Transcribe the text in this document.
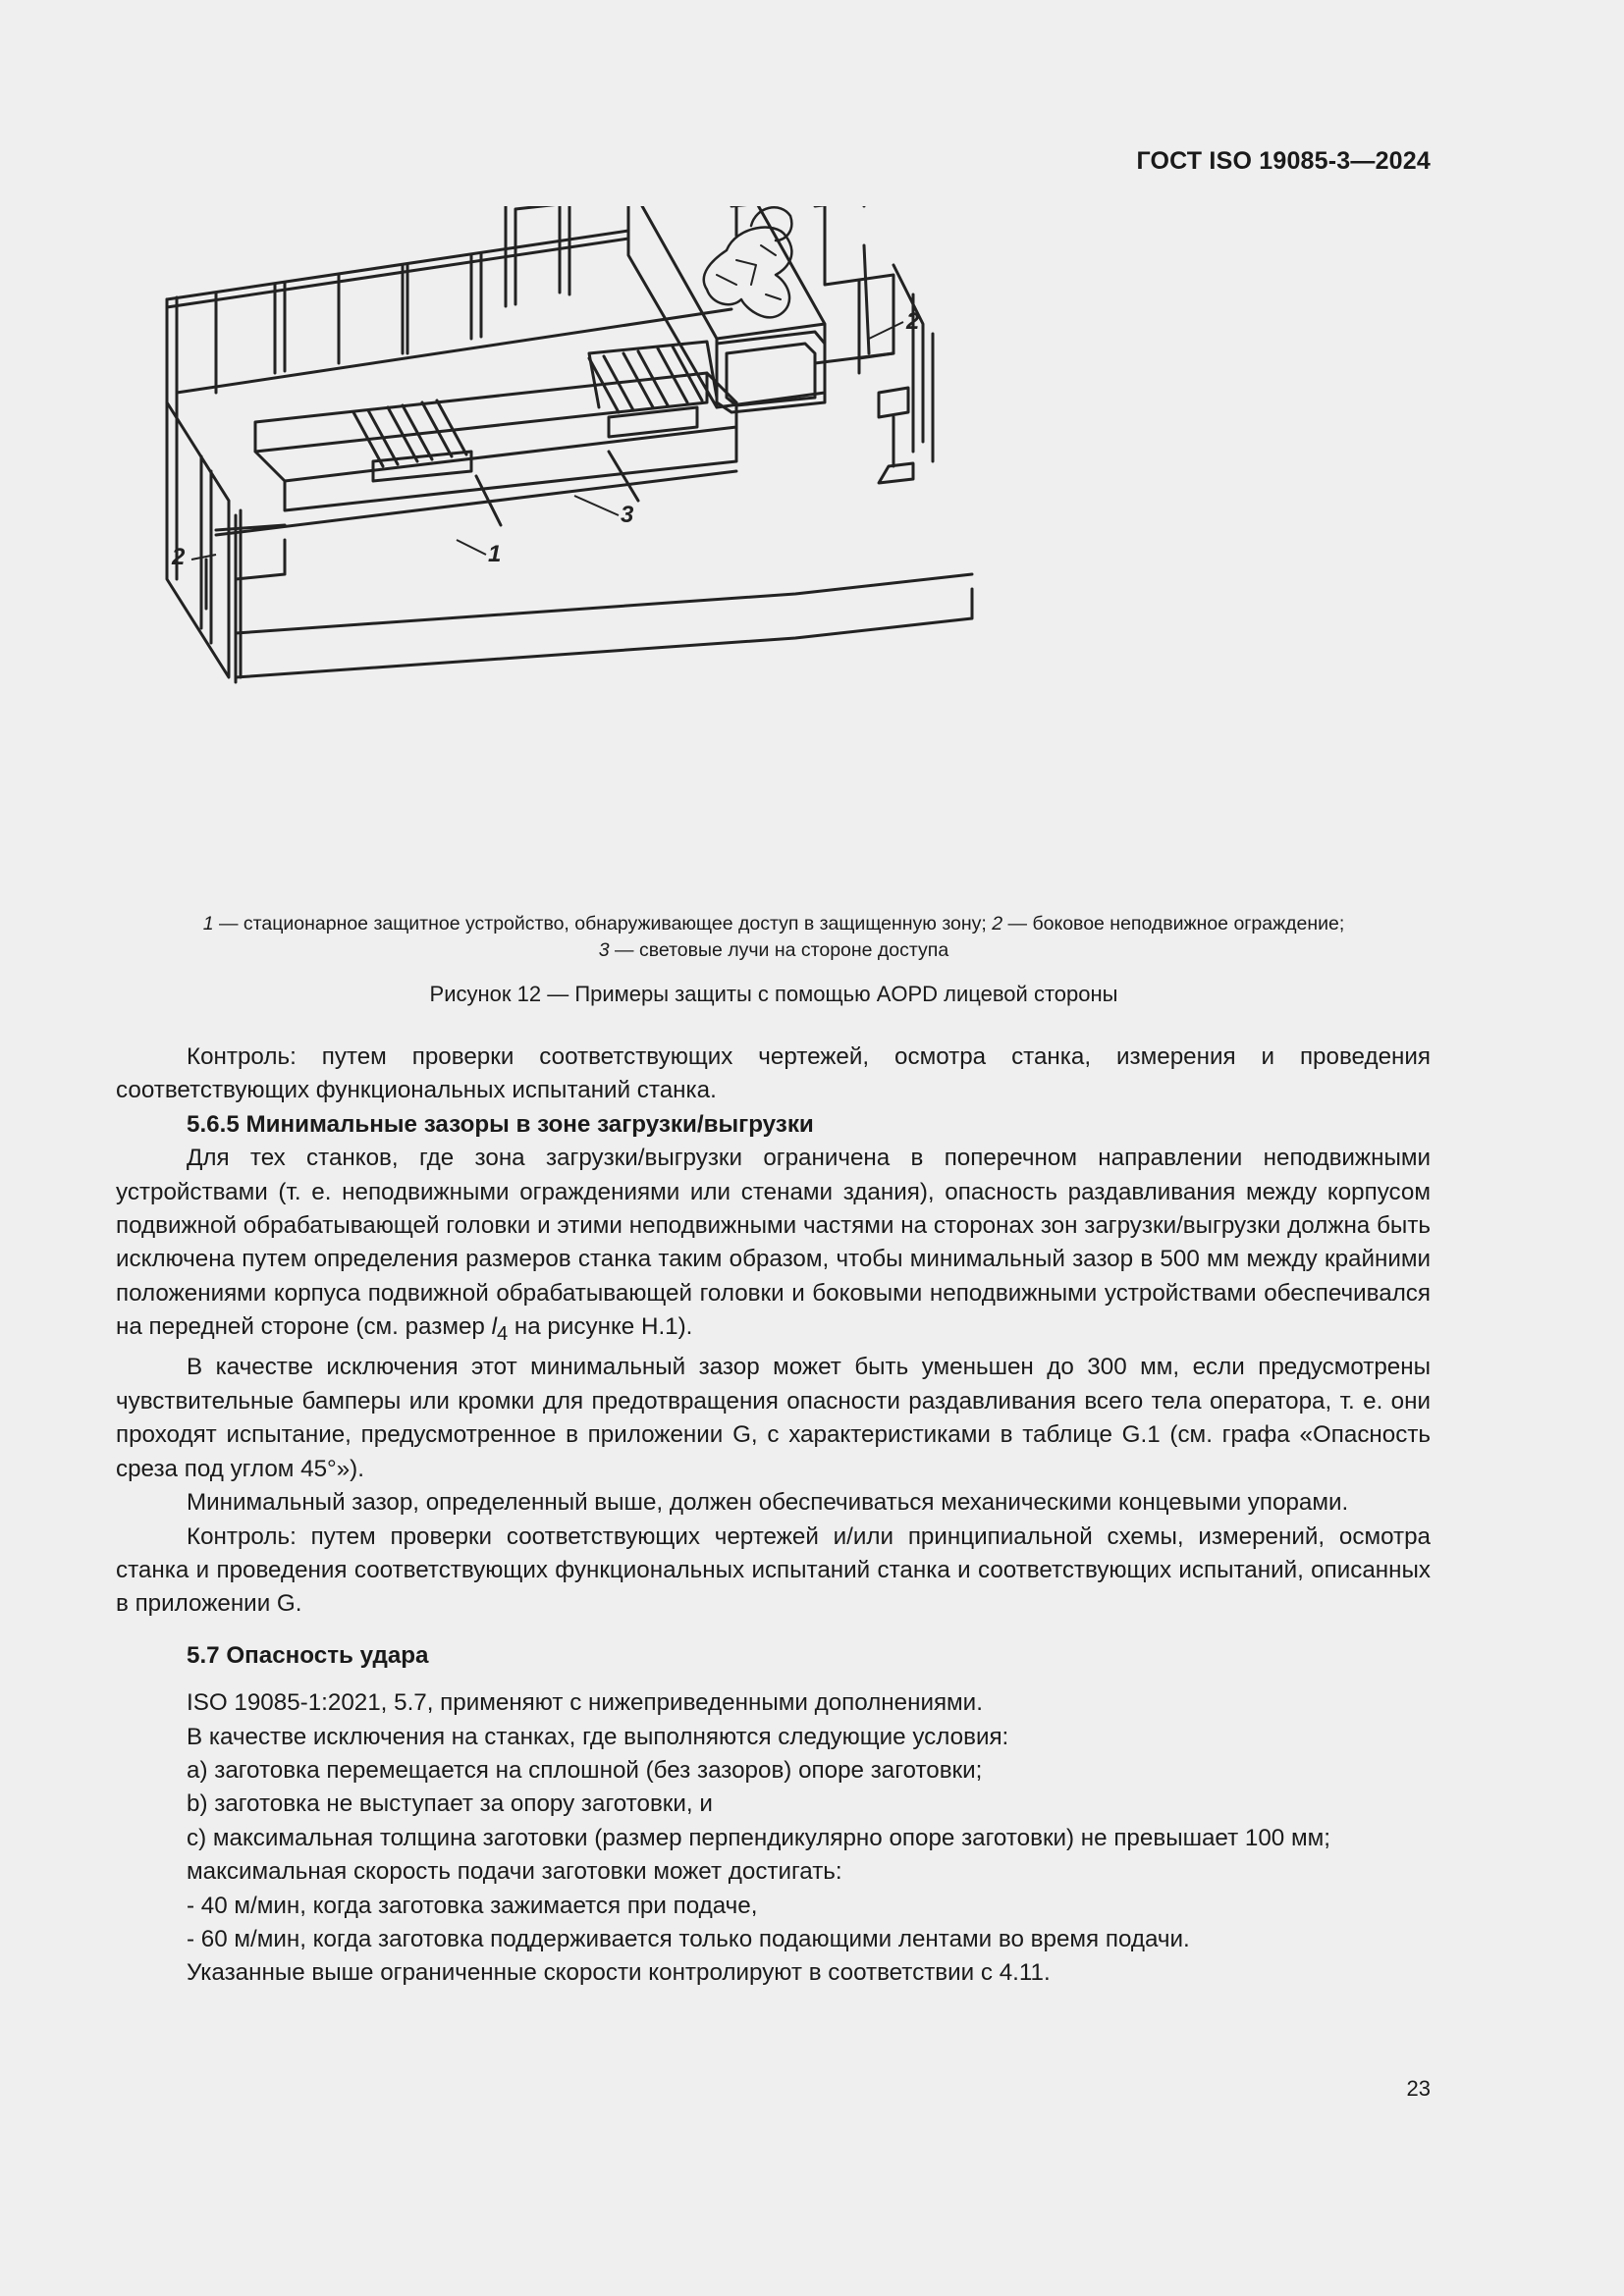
ГОСТ ISO 19085-3—2024
1
2
2
3
1 — стационарное защитное устройство, обнаруживающее доступ в защищенную зону; 2 — боковое неподвижное ограждение;
3 — световые лучи на стороне доступа
Рисунок 12 — Примеры защиты с помощью AOPD лицевой стороны

Контроль: путем проверки соответствующих чертежей, осмотра станка, измерения и проведения соответствующих функциональных испытаний станка.

5.6.5 Минимальные зазоры в зоне загрузки/выгрузки

Для тех станков, где зона загрузки/выгрузки ограничена в поперечном направлении неподвижными устройствами (т. е. неподвижными ограждениями или стенами здания), опасность раздавливания между корпусом подвижной обрабатывающей головки и этими неподвижными частями на сторонах зон загрузки/выгрузки должна быть исключена путем определения размеров станка таким образом, чтобы минимальный зазор в 500 мм между крайними положениями корпуса подвижной обрабатывающей головки и боковыми неподвижными устройствами обеспечивался на передней стороне (см. размер $l_4$ на рисунке H.1).

В качестве исключения этот минимальный зазор может быть уменьшен до 300 мм, если предусмотрены чувствительные бамперы или кромки для предотвращения опасности раздавливания всего тела оператора, т. е. они проходят испытание, предусмотренное в приложении G, с характеристиками в таблице G.1 (см. графа «Опасность среза под углом 45°»).

Минимальный зазор, определенный выше, должен обеспечиваться механическими концевыми упорами.

Контроль: путем проверки соответствующих чертежей и/или принципиальной схемы, измерений, осмотра станка и проведения соответствующих функциональных испытаний станка и соответствующих испытаний, описанных в приложении G.

5.7 Опасность удара

ISO 19085-1:2021, 5.7, применяют с нижеприведенными дополнениями.

В качестве исключения на станках, где выполняются следующие условия:

a) заготовка перемещается на сплошной (без зазоров) опоре заготовки;

b) заготовка не выступает за опору заготовки, и

c) максимальная толщина заготовки (размер перпендикулярно опоре заготовки) не превышает 100 мм;

максимальная скорость подачи заготовки может достигать:

- 40 м/мин, когда заготовка зажимается при подаче,

- 60 м/мин, когда заготовка поддерживается только подающими лентами во время подачи.

Указанные выше ограниченные скорости контролируют в соответствии с 4.11.

23
